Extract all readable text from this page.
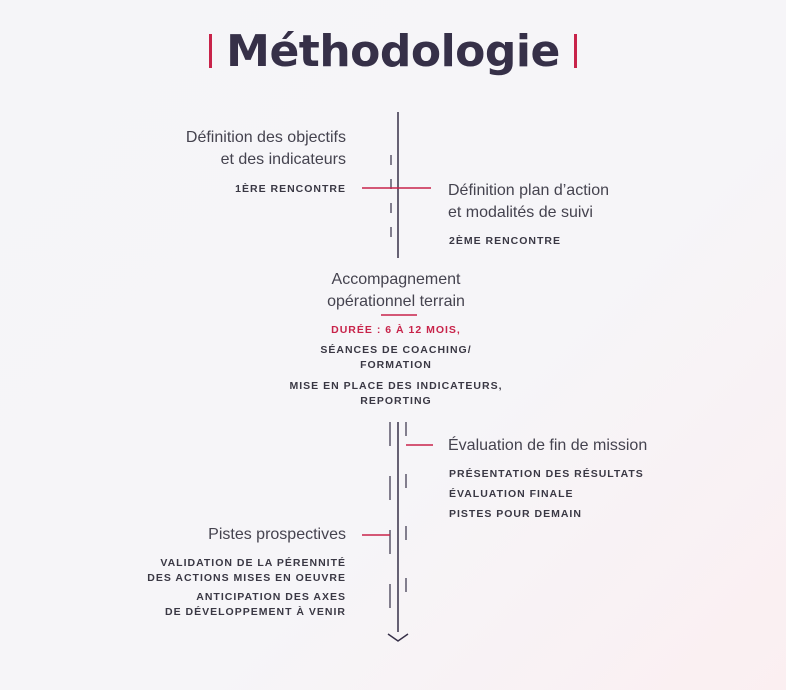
Méthodologie
Définition des objectifs
et des indicateurs
1ÈRE RENCONTRE	Définition plan d’action
et modalités de suivi
2ÈME RENCONTRE
Accompagnement
opérationnel terrain
DURÉE : 6 À 12 MOIS,
SÉANCES DE COACHING/
FORMATION
MISE EN PLACE DES INDICATEURS,
REPORTING
Évaluation de fin de mission
PRÉSENTATION DES RÉSULTATS
ÉVALUATION FINALE
PISTES POUR DEMAIN
Pistes prospectives
VALIDATION DE LA PÉRENNITÉ
DES ACTIONS MISES EN OEUVRE
ANTICIPATION DES AXES
DE DÉVELOPPEMENT À VENIR
